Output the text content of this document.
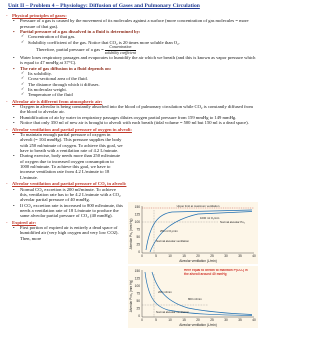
Unit II – Problem 4 – Physiology: Diffusion of Gases and Pulmonary Circulation
- Physical principles of gases:
• Pressure of a gas is caused by the movement of its molecules against a surface (more concentration of gas molecules = more pressure of that gas).
• Partial pressure of a gas dissolved in a fluid is determined by:
✓ Concentration of that gas.
✓ Solubility coefficient of the gas. Notice that CO₂ is 20 times more soluble than O₂.
Therefore, partial pressure of a gas = $\frac{\text{Concentration}}{\text{solubility coefficient}}$
• Water loses respiratory passages and evaporates to humidify the air which we breath (and this is known as vapor pressure which is equal to 47 mmHg at 37°C).
• The rate of gas diffusion in a fluid depends on:
✓ Its solubility.
✓ Cross-sectional area of the fluid.
✓ The distance through which it diffuses.
✓ Its molecular weight.
✓ Temperature of the fluid
- Alveolar air is different from atmospheric air:
• Oxygen in alveolar is being constantly absorbed into the blood of pulmonary circulation while CO₂ is constantly diffused from the blood to alveolar air.
• Humidification of air by water in respiratory passages dilutes oxygen partial pressure from 159 mmHg to 149 mmHg.
• Notice that only 350 ml of new air is brought to alveoli with each breath (tidal volume = 500 ml but 150 ml is a dead space).
- Alveolar ventilation and partial pressure of oxygen in alveoli:
• To maintain enough partial pressure of oxygen in alveoli (= 104 mmHg). This pressure supplies the body with 250 ml/minute of oxygen. To achieve this goal, we have to breath with a ventilation rate of 4.2 L/minute.
• During exercise, body needs more than 250 ml/minute of oxygen due to increased oxygen consumption to 1000 ml/minute. To achieve this goal, we have to increase ventilation rate from 4.2 L/minute to 18 L/minute.
- Alveolar ventilation and partial pressure of CO₂ in alveoli:
• Normal CO₂ excretion is 200 ml/minute. To achieve this, ventilation rate has to be 4.2 L/minute with a CO₂ alveolar partial pressure of 40 mmHg.
• If CO₂ excretion rate is increased to 800 ml/minute, this needs a ventilation rate of 18 L/minute to produce the same alveolar partial pressure of CO₂ (40 mmHg).
- Expired air:
• First portion of expired air is entirely a dead space of humidified air (very high oxygen and very low CO2). Then, more	Alveolar Po₂ (mm Hg)
150
125
100
75
50
25
0
0	5	10	15	20	25	30	35	40
Upper limit at maximum ventilation
1000 ml O₂/min
Normal alveolar Po₂
250 ml O₂/min
Normal alveolar ventilation
Alveolar ventilation (L/min)
Alveolar Pco₂ (mm Hg)
150
125
100
75
50
25
0
0	5	10	15	20	25	30	35	40
800 ml/min
200 ml/min
Normal alveolar ventilation
Here equal to breath to maintain P(CO₂) in the alveoli around 40 mmHg
Alveolar ventilation (L/min)
